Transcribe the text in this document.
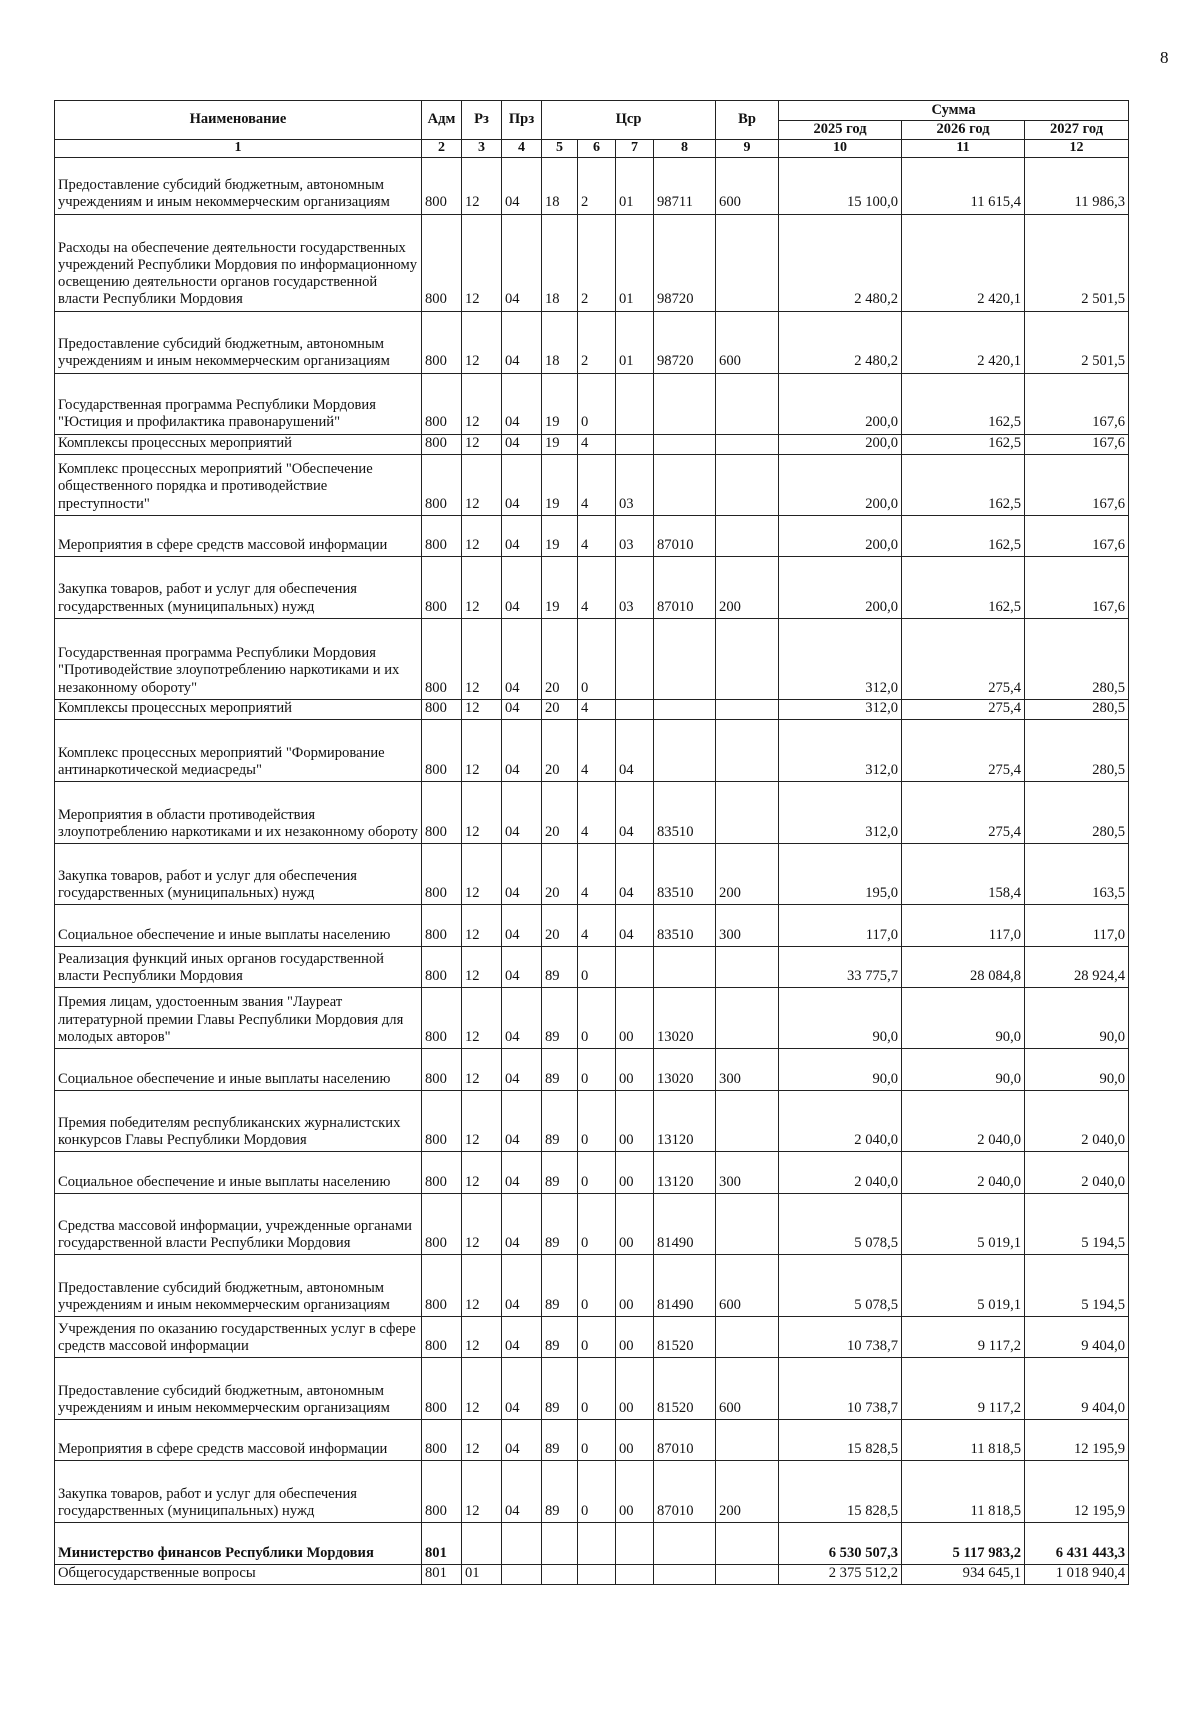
8
Наименование	Адм	Рз	Прз	Цср				Вр	Сумма		
									2025 год	2026 год	2027 год
1	2	3	4	5	6	7	8	9	10	11	12
Предоставление субсидий бюджетным, автономным учреждениям и иным некоммерческим организациям	800	12	04	18	2	01	98711	600	15 100,0	11 615,4	11 986,3
Расходы на обеспечение деятельности государственных учреждений Республики Мордовия по информационному освещению деятельности органов государственной власти Республики Мордовия	800	12	04	18	2	01	98720		2 480,2	2 420,1	2 501,5
Предоставление субсидий бюджетным, автономным учреждениям и иным некоммерческим организациям	800	12	04	18	2	01	98720	600	2 480,2	2 420,1	2 501,5
Государственная программа Республики Мордовия "Юстиция и профилактика правонарушений"	800	12	04	19	0				200,0	162,5	167,6
Комплексы процессных мероприятий	800	12	04	19	4				200,0	162,5	167,6
Комплекс процессных мероприятий "Обеспечение общественного порядка и противодействие преступности"	800	12	04	19	4	03			200,0	162,5	167,6
Мероприятия в сфере средств массовой информации	800	12	04	19	4	03	87010		200,0	162,5	167,6
Закупка товаров, работ и услуг для обеспечения государственных (муниципальных) нужд	800	12	04	19	4	03	87010	200	200,0	162,5	167,6
Государственная программа Республики Мордовия "Противодействие злоупотреблению наркотиками и их незаконному обороту"	800	12	04	20	0				312,0	275,4	280,5
Комплексы процессных мероприятий	800	12	04	20	4				312,0	275,4	280,5
Комплекс процессных мероприятий "Формирование антинаркотической медиасреды"	800	12	04	20	4	04			312,0	275,4	280,5
Мероприятия в области противодействия злоупотреблению наркотиками и их незаконному обороту	800	12	04	20	4	04	83510		312,0	275,4	280,5
Закупка товаров, работ и услуг для обеспечения государственных (муниципальных) нужд	800	12	04	20	4	04	83510	200	195,0	158,4	163,5
Социальное обеспечение и иные выплаты населению	800	12	04	20	4	04	83510	300	117,0	117,0	117,0
Реализация функций иных органов государственной власти Республики Мордовия	800	12	04	89	0				33 775,7	28 084,8	28 924,4
Премия лицам, удостоенным звания "Лауреат литературной премии Главы Республики Мордовия для молодых авторов"	800	12	04	89	0	00	13020		90,0	90,0	90,0
Социальное обеспечение и иные выплаты населению	800	12	04	89	0	00	13020	300	90,0	90,0	90,0
Премия победителям республиканских журналистских конкурсов Главы Республики Мордовия	800	12	04	89	0	00	13120		2 040,0	2 040,0	2 040,0
Социальное обеспечение и иные выплаты населению	800	12	04	89	0	00	13120	300	2 040,0	2 040,0	2 040,0
Средства массовой информации, учрежденные органами государственной власти Республики Мордовия	800	12	04	89	0	00	81490		5 078,5	5 019,1	5 194,5
Предоставление субсидий бюджетным, автономным учреждениям и иным некоммерческим организациям	800	12	04	89	0	00	81490	600	5 078,5	5 019,1	5 194,5
Учреждения по оказанию государственных услуг в сфере средств массовой информации	800	12	04	89	0	00	81520		10 738,7	9 117,2	9 404,0
Предоставление субсидий бюджетным, автономным учреждениям и иным некоммерческим организациям	800	12	04	89	0	00	81520	600	10 738,7	9 117,2	9 404,0
Мероприятия в сфере средств массовой информации	800	12	04	89	0	00	87010		15 828,5	11 818,5	12 195,9
Закупка товаров, работ и услуг для обеспечения государственных (муниципальных) нужд	800	12	04	89	0	00	87010	200	15 828,5	11 818,5	12 195,9
Министерство финансов Республики Мордовия	801								6 530 507,3	5 117 983,2	6 431 443,3
Общегосударственные вопросы	801	01							2 375 512,2	934 645,1	1 018 940,4
